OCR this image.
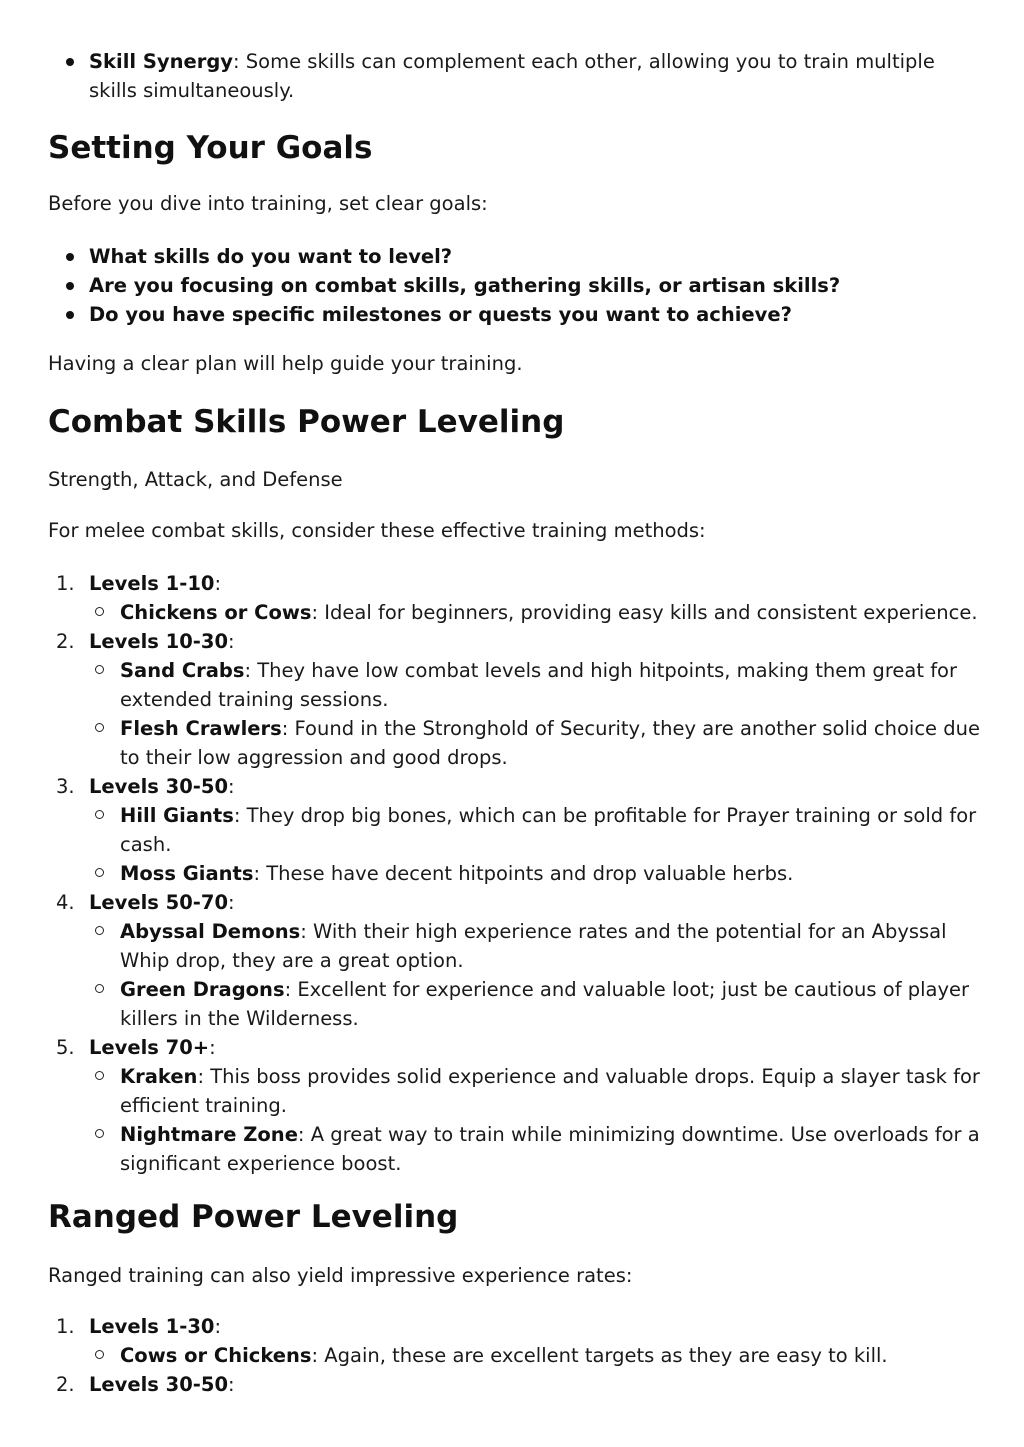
Skill Synergy: Some skills can complement each other, allowing you to train multiple skills simultaneously.
Setting Your Goals

Before you dive into training, set clear goals:

What skills do you want to level?
Are you focusing on combat skills, gathering skills, or artisan skills?
Do you have specific milestones or quests you want to achieve?

Having a clear plan will help guide your training.

Combat Skills Power Leveling

Strength, Attack, and Defense

For melee combat skills, consider these effective training methods:

1. Levels 1-10:
Chickens or Cows: Ideal for beginners, providing easy kills and consistent experience.
2. Levels 10-30:
Sand Crabs: They have low combat levels and high hitpoints, making them great for extended training sessions.
Flesh Crawlers: Found in the Stronghold of Security, they are another solid choice due to their low aggression and good drops.
3. Levels 30-50:
Hill Giants: They drop big bones, which can be profitable for Prayer training or sold for cash.
Moss Giants: These have decent hitpoints and drop valuable herbs.
4. Levels 50-70:
Abyssal Demons: With their high experience rates and the potential for an Abyssal Whip drop, they are a great option.
Green Dragons: Excellent for experience and valuable loot; just be cautious of player killers in the Wilderness.
5. Levels 70+:
Kraken: This boss provides solid experience and valuable drops. Equip a slayer task for efficient training.
Nightmare Zone: A great way to train while minimizing downtime. Use overloads for a significant experience boost.
Ranged Power Leveling

Ranged training can also yield impressive experience rates:

1. Levels 1-30:
Cows or Chickens: Again, these are excellent targets as they are easy to kill.
2. Levels 30-50:
